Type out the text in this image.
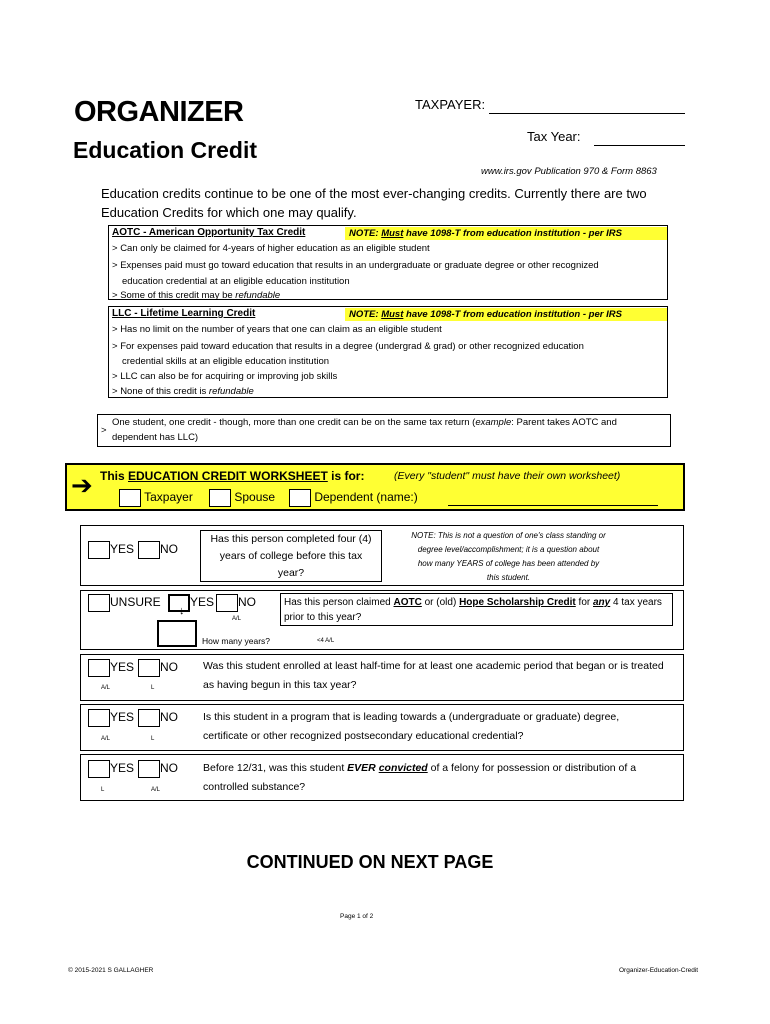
ORGANIZER
Education Credit
TAXPAYER:
Tax Year:
www.irs.gov Publication 970 & Form 8863
Education credits continue to be one of the most ever-changing credits. Currently there are two Education Credits for which one may qualify.
AOTC - American Opportunity Tax Credit	NOTE: Must have 1098-T from education institution - per IRS
> Can only be claimed for 4-years of higher education as an eligible student
> Expenses paid must go toward education that results in an undergraduate or graduate degree or other recognized
education credential at an eligible education institution
> Some of this credit may be refundable
LLC - Lifetime Learning Credit	NOTE: Must have 1098-T from education institution - per IRS
> Has no limit on the number of years that one can claim as an eligible student
> For expenses paid toward education that results in a degree (undergrad & grad) or other recognized education
credential skills at an eligible education institution
> LLC can also be for acquiring or improving job skills
> None of this credit is refundable
>
One student, one credit - though, more than one credit can be on the same tax return (example: Parent takes AOTC and
dependent has LLC)
➔ This EDUCATION CREDIT WORKSHEET is for:	(Every "student" must have their own worksheet)
Taxpayer	Spouse	Dependent (name:)
YES	NO
Has this person completed four (4) years of college before this tax year?
NOTE: This is not a question of one's class standing or degree level/accomplishment; it is a question about how many YEARS of college has been attended by this student.
UNSURE	YES
↓
NO
A/L
Has this person claimed AOTC or (old) Hope Scholarship Credit for any 4 tax years prior to this year?
How many years?	<4 A/L
YES	NO
A/L	L
Was this student enrolled at least half-time for at least one academic period that began or is treated as having begun in this tax year?
YES	NO
A/L	L
Is this student in a program that is leading towards a (undergraduate or graduate) degree, certificate or other recognized postsecondary educational credential?
YES	NO
L	A/L
Before 12/31, was this student EVER convicted of a felony for possession or distribution of a controlled substance?
CONTINUED ON NEXT PAGE
Page 1 of 2
© 2015-2021 S GALLAGHER	Organizer-Education-Credit
